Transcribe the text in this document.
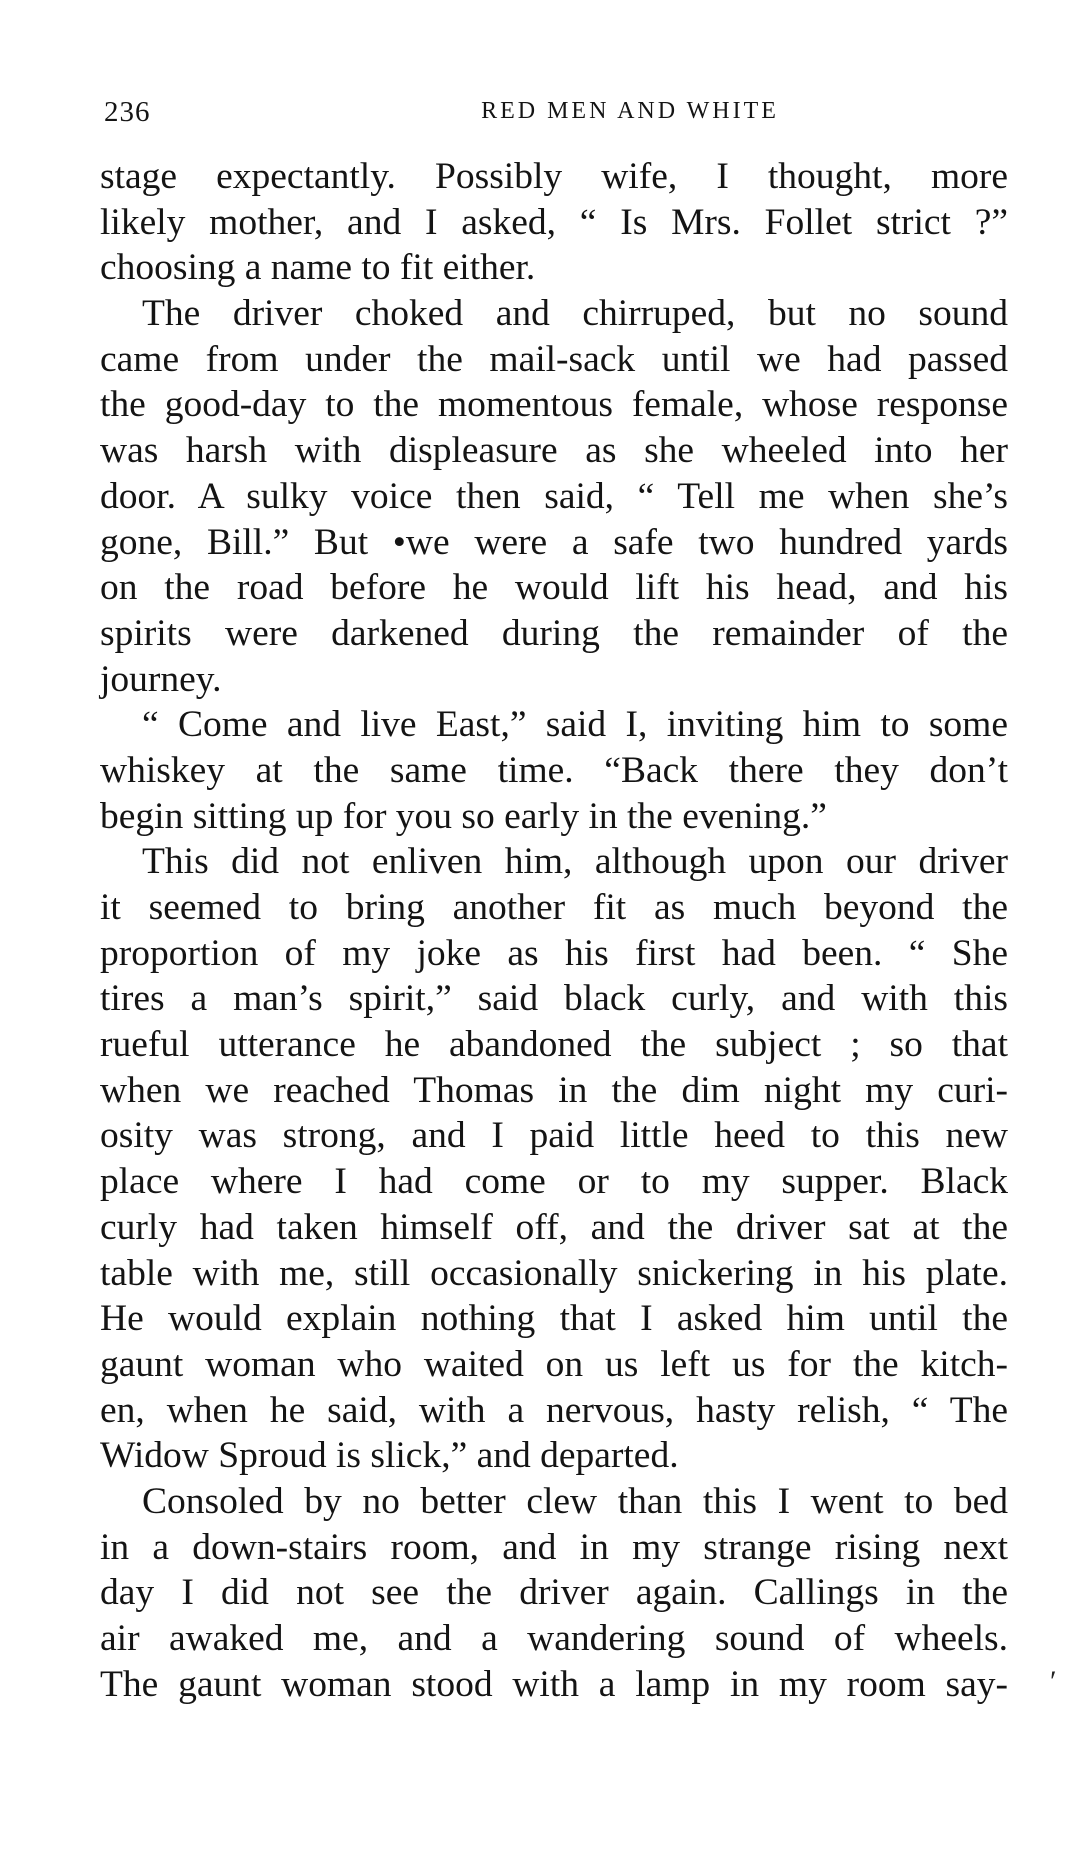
236	RED MEN AND WHITE
stage expectantly. Possibly wife, I thought, more
likely mother, and I asked, “ Is Mrs. Follet strict ?”
choosing a name to fit either.
The driver choked and chirruped, but no sound
came from under the mail-sack until we had passed
the good-day to the momentous female, whose response
was harsh with displeasure as she wheeled into her
door. A sulky voice then said, “ Tell me when she’s
gone, Bill.” But •we were a safe two hundred yards
on the road before he would lift his head, and his
spirits were darkened during the remainder of the
journey.
“ Come and live East,” said I, inviting him to some
whiskey at the same time. “Back there they don’t
begin sitting up for you so early in the evening.”
This did not enliven him, although upon our driver
it seemed to bring another fit as much beyond the
proportion of my joke as his first had been. “ She
tires a man’s spirit,” said black curly, and with this
rueful utterance he abandoned the subject ; so that
when we reached Thomas in the dim night my curi-
osity was strong, and I paid little heed to this new
place where I had come or to my supper. Black
curly had taken himself off, and the driver sat at the
table with me, still occasionally snickering in his plate.
He would explain nothing that I asked him until the
gaunt woman who waited on us left us for the kitch-
en, when he said, with a nervous, hasty relish, “ The
Widow Sproud is slick,” and departed.
Consoled by no better clew than this I went to bed
in a down-stairs room, and in my strange rising next
day I did not see the driver again. Callings in the
air awaked me, and a wandering sound of wheels.
The gaunt woman stood with a lamp in my room say- ʹ
